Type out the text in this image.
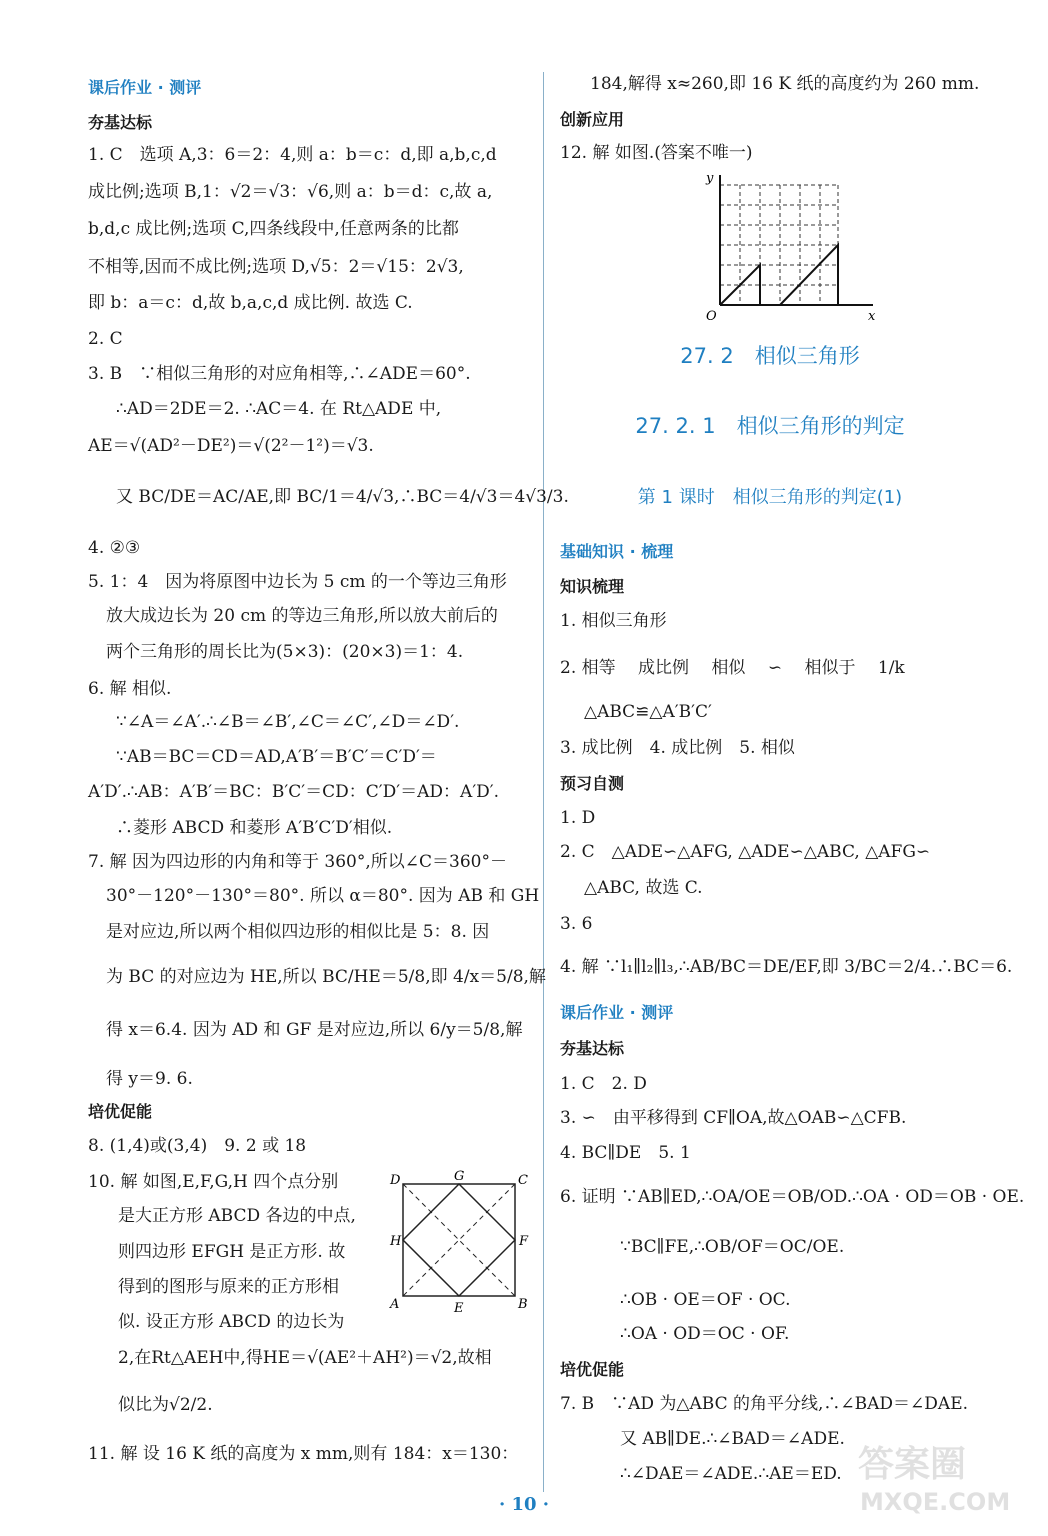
课后作业 · 测评
夯基达标
1. C　选项 A,3：6＝2：4,则 a：b＝c：d,即 a,b,c,d
成比例;选项 B,1：√2＝√3：√6,则 a：b＝d：c,故 a,
b,d,c 成比例;选项 C,四条线段中,任意两条的比都
不相等,因而不成比例;选项 D,√5：2＝√15：2√3,
即 b：a＝c：d,故 b,a,c,d 成比例. 故选 C.
2. C
3. B　∵相似三角形的对应角相等,∴∠ADE＝60°.
∴AD＝2DE＝2. ∴AC＝4. 在 Rt△ADE 中,
AE＝√(AD²－DE²)＝√(2²－1²)＝√3.
又 BC/DE＝AC/AE,即 BC/1＝4/√3,∴BC＝4/√3＝4√3/3.
4. ②③
5. 1：4　因为将原图中边长为 5 cm 的一个等边三角形
放大成边长为 20 cm 的等边三角形,所以放大前后的
两个三角形的周长比为(5×3)：(20×3)＝1：4.
6. 解 相似.
∵∠A＝∠A′.∴∠B＝∠B′,∠C＝∠C′,∠D＝∠D′.
∵AB＝BC＝CD＝AD,A′B′＝B′C′＝C′D′＝
A′D′.∴AB：A′B′＝BC：B′C′＝CD：C′D′＝AD：A′D′.
∴菱形 ABCD 和菱形 A′B′C′D′相似.
7. 解 因为四边形的内角和等于 360°,所以∠C＝360°－
30°－120°－130°＝80°. 所以 α＝80°. 因为 AB 和 GH
是对应边,所以两个相似四边形的相似比是 5：8. 因
为 BC 的对应边为 HE,所以 BC/HE＝5/8,即 4/x＝5/8,解
得 x＝6.4. 因为 AD 和 GF 是对应边,所以 6/y＝5/8,解
得 y＝9. 6.
培优促能
8. (1,4)或(3,4)　9. 2 或 18
10. 解 如图,E,F,G,H 四个点分别
是大正方形 ABCD 各边的中点,
则四边形 EFGH 是正方形. 故
得到的图形与原来的正方形相
似. 设正方形 ABCD 的边长为
2,在Rt△AEH中,得HE＝√(AE²＋AH²)＝√2,故相
似比为√2/2.
11. 解 设 16 K 纸的高度为 x mm,则有 184：x＝130：
D	G	C
H	F
A	E	B
184,解得 x≈260,即 16 K 纸的高度约为 260 mm.
创新应用
12. 解 如图.(答案不唯一)
y
O	x
27. 2　相似三角形
27. 2. 1　相似三角形的判定
第 1 课时　相似三角形的判定(1)
基础知识 · 梳理
知识梳理
1. 相似三角形
2. 相等　 成比例　 相似　 ∽　 相似于　 1/k
△ABC≌△A′B′C′
3. 成比例　4. 成比例　5. 相似
预习自测
1. D
2. C　△ADE∽△AFG, △ADE∽△ABC, △AFG∽
△ABC, 故选 C.
3. 6
4. 解 ∵l₁∥l₂∥l₃,∴AB/BC＝DE/EF,即 3/BC＝2/4.∴BC＝6.
课后作业 · 测评
夯基达标
1. C　2. D
3. ∽　由平移得到 CF∥OA,故△OAB∽△CFB.
4. BC∥DE　5. 1
6. 证明 ∵AB∥ED,∴OA/OE＝OB/OD.∴OA · OD＝OB · OE.
∵BC∥FE,∴OB/OF＝OC/OE.
∴OB · OE＝OF · OC.
∴OA · OD＝OC · OF.
培优促能
7. B　∵AD 为△ABC 的角平分线,∴∠BAD＝∠DAE.
又 AB∥DE.∴∠BAD＝∠ADE.
∴∠DAE＝∠ADE.∴AE＝ED.
· 10 ·
答案圈
MXQE.COM
